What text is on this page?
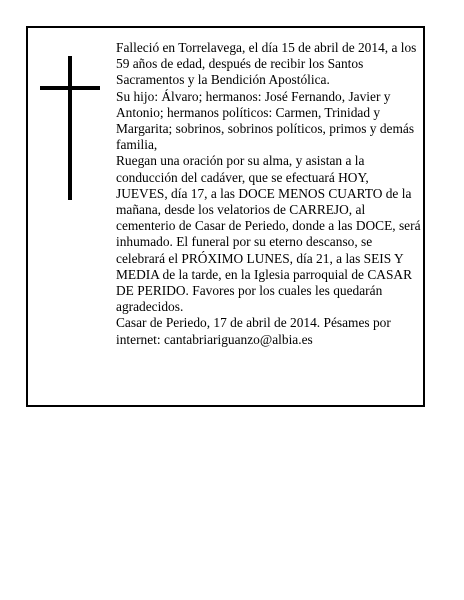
Falleció en Torrelavega, el día 15 de abril de 2014, a los 59 años de edad, después de recibir los Santos Sacramentos y la Bendición Apostólica.

Su hijo: Álvaro; hermanos: José Fernando, Javier y Antonio; hermanos políticos: Carmen, Trinidad y Margarita; sobrinos, sobrinos políticos, primos y demás familia,

Ruegan una oración por su alma, y asistan a la conducción del cadáver, que se efectuará HOY, JUEVES, día 17, a las DOCE MENOS CUARTO de la mañana, desde los velatorios de CARREJO, al cementerio de Casar de Periedo, donde a las DOCE, será inhumado. El funeral por su eterno descanso, se celebrará el PRÓXIMO LUNES, día 21, a las SEIS Y MEDIA de la tarde, en la Iglesia parroquial de CASAR DE PERIDO. Favores por los cuales les quedarán agradecidos.

Casar de Periedo, 17 de abril de 2014. Pésames por internet: cantabriariguanzo@albia.es
